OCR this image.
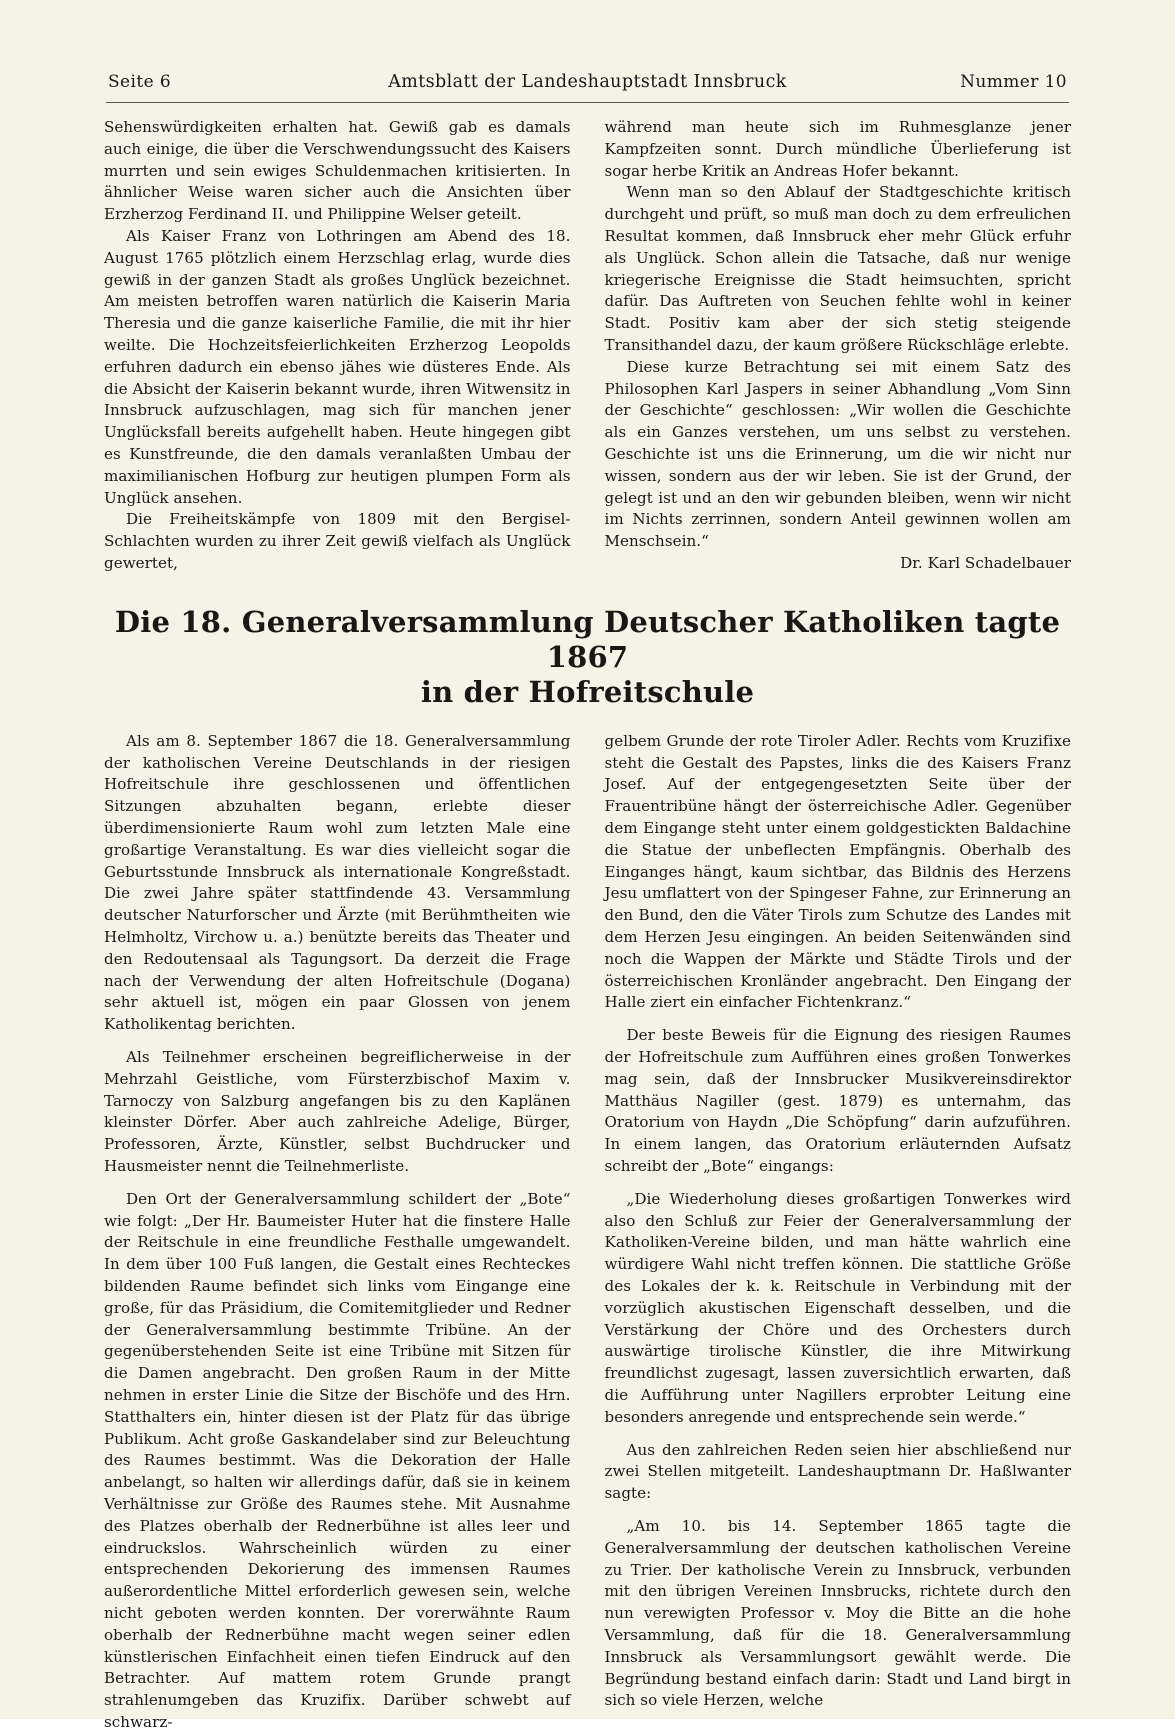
Seite 6	Amtsblatt der Landeshauptstadt Innsbruck	Nummer 10

Sehenswürdigkeiten erhalten hat. Gewiß gab es damals auch einige, die über die Verschwendungssucht des Kaisers murrten und sein ewiges Schuldenmachen kritisierten. In ähnlicher Weise waren sicher auch die Ansichten über Erzherzog Ferdinand II. und Philippine Welser geteilt.

Als Kaiser Franz von Lothringen am Abend des 18. August 1765 plötzlich einem Herzschlag erlag, wurde dies gewiß in der ganzen Stadt als großes Unglück bezeichnet. Am meisten betroffen waren natürlich die Kaiserin Maria Theresia und die ganze kaiserliche Familie, die mit ihr hier weilte. Die Hochzeitsfeierlichkeiten Erzherzog Leopolds erfuhren dadurch ein ebenso jähes wie düsteres Ende. Als die Absicht der Kaiserin bekannt wurde, ihren Witwensitz in Innsbruck aufzuschlagen, mag sich für manchen jener Unglücksfall bereits aufgehellt haben. Heute hingegen gibt es Kunstfreunde, die den damals veranlaßten Umbau der maximilianischen Hofburg zur heutigen plumpen Form als Unglück ansehen.

Die Freiheitskämpfe von 1809 mit den Bergisel-Schlachten wurden zu ihrer Zeit gewiß vielfach als Unglück gewertet,

während man heute sich im Ruhmesglanze jener Kampfzeiten sonnt. Durch mündliche Überlieferung ist sogar herbe Kritik an Andreas Hofer bekannt.

Wenn man so den Ablauf der Stadtgeschichte kritisch durchgeht und prüft, so muß man doch zu dem erfreulichen Resultat kommen, daß Innsbruck eher mehr Glück erfuhr als Unglück. Schon allein die Tatsache, daß nur wenige kriegerische Ereignisse die Stadt heimsuchten, spricht dafür. Das Auftreten von Seuchen fehlte wohl in keiner Stadt. Positiv kam aber der sich stetig steigende Transithandel dazu, der kaum größere Rückschläge erlebte.

Diese kurze Betrachtung sei mit einem Satz des Philosophen Karl Jaspers in seiner Abhandlung „Vom Sinn der Geschichte“ geschlossen: „Wir wollen die Geschichte als ein Ganzes verstehen, um uns selbst zu verstehen. Geschichte ist uns die Erinnerung, um die wir nicht nur wissen, sondern aus der wir leben. Sie ist der Grund, der gelegt ist und an den wir gebunden bleiben, wenn wir nicht im Nichts zerrinnen, sondern Anteil gewinnen wollen am Menschsein.“

Dr. Karl Schadelbauer

Die 18. Generalversammlung Deutscher Katholiken tagte 1867
in der Hofreitschule

Als am 8. September 1867 die 18. Generalversammlung der katholischen Vereine Deutschlands in der riesigen Hofreitschule ihre geschlossenen und öffentlichen Sitzungen abzuhalten begann, erlebte dieser überdimensionierte Raum wohl zum letzten Male eine großartige Veranstaltung. Es war dies vielleicht sogar die Geburtsstunde Innsbruck als internationale Kongreßstadt. Die zwei Jahre später stattfindende 43. Versammlung deutscher Naturforscher und Ärzte (mit Berühmtheiten wie Helmholtz, Virchow u. a.) benützte bereits das Theater und den Redoutensaal als Tagungsort. Da derzeit die Frage nach der Verwendung der alten Hofreitschule (Dogana) sehr aktuell ist, mögen ein paar Glossen von jenem Katholikentag berichten.

Als Teilnehmer erscheinen begreiflicherweise in der Mehrzahl Geistliche, vom Fürsterzbischof Maxim v. Tarnoczy von Salzburg angefangen bis zu den Kaplänen kleinster Dörfer. Aber auch zahlreiche Adelige, Bürger, Professoren, Ärzte, Künstler, selbst Buchdrucker und Hausmeister nennt die Teilnehmerliste.

Den Ort der Generalversammlung schildert der „Bote“ wie folgt: „Der Hr. Baumeister Huter hat die finstere Halle der Reitschule in eine freundliche Festhalle umgewandelt. In dem über 100 Fuß langen, die Gestalt eines Rechteckes bildenden Raume befindet sich links vom Eingange eine große, für das Präsidium, die Comitemitglieder und Redner der Generalversammlung bestimmte Tribüne. An der gegenüberstehenden Seite ist eine Tribüne mit Sitzen für die Damen angebracht. Den großen Raum in der Mitte nehmen in erster Linie die Sitze der Bischöfe und des Hrn. Statthalters ein, hinter diesen ist der Platz für das übrige Publikum. Acht große Gaskandelaber sind zur Beleuchtung des Raumes bestimmt. Was die Dekoration der Halle anbelangt, so halten wir allerdings dafür, daß sie in keinem Verhältnisse zur Größe des Raumes stehe. Mit Ausnahme des Platzes oberhalb der Rednerbühne ist alles leer und eindruckslos. Wahrscheinlich würden zu einer entsprechenden Dekorierung des immensen Raumes außerordentliche Mittel erforderlich gewesen sein, welche nicht geboten werden konnten. Der vorerwähnte Raum oberhalb der Rednerbühne macht wegen seiner edlen künstlerischen Einfachheit einen tiefen Eindruck auf den Betrachter. Auf mattem rotem Grunde prangt strahlenumgeben das Kruzifix. Darüber schwebt auf schwarz-

gelbem Grunde der rote Tiroler Adler. Rechts vom Kruzifixe steht die Gestalt des Papstes, links die des Kaisers Franz Josef. Auf der entgegengesetzten Seite über der Frauentribüne hängt der österreichische Adler. Gegenüber dem Eingange steht unter einem goldgestickten Baldachine die Statue der unbeflecten Empfängnis. Oberhalb des Einganges hängt, kaum sichtbar, das Bildnis des Herzens Jesu umflattert von der Spingeser Fahne, zur Erinnerung an den Bund, den die Väter Tirols zum Schutze des Landes mit dem Herzen Jesu eingingen. An beiden Seitenwänden sind noch die Wappen der Märkte und Städte Tirols und der österreichischen Kronländer angebracht. Den Eingang der Halle ziert ein einfacher Fichtenkranz.“

Der beste Beweis für die Eignung des riesigen Raumes der Hofreitschule zum Aufführen eines großen Tonwerkes mag sein, daß der Innsbrucker Musikvereinsdirektor Matthäus Nagiller (gest. 1879) es unternahm, das Oratorium von Haydn „Die Schöpfung“ darin aufzuführen. In einem langen, das Oratorium erläuternden Aufsatz schreibt der „Bote“ eingangs:

„Die Wiederholung dieses großartigen Tonwerkes wird also den Schluß zur Feier der Generalversammlung der Katholiken-Vereine bilden, und man hätte wahrlich eine würdigere Wahl nicht treffen können. Die stattliche Größe des Lokales der k. k. Reitschule in Verbindung mit der vorzüglich akustischen Eigenschaft desselben, und die Verstärkung der Chöre und des Orchesters durch auswärtige tirolische Künstler, die ihre Mitwirkung freundlichst zugesagt, lassen zuversichtlich erwarten, daß die Aufführung unter Nagillers erprobter Leitung eine besonders anregende und entsprechende sein werde.“

Aus den zahlreichen Reden seien hier abschließend nur zwei Stellen mitgeteilt. Landeshauptmann Dr. Haßlwanter sagte:

„Am 10. bis 14. September 1865 tagte die Generalversammlung der deutschen katholischen Vereine zu Trier. Der katholische Verein zu Innsbruck, verbunden mit den übrigen Vereinen Innsbrucks, richtete durch den nun verewigten Professor v. Moy die Bitte an die hohe Versammlung, daß für die 18. Generalversammlung Innsbruck als Versammlungsort gewählt werde. Die Begründung bestand einfach darin: Stadt und Land birgt in sich so viele Herzen, welche
